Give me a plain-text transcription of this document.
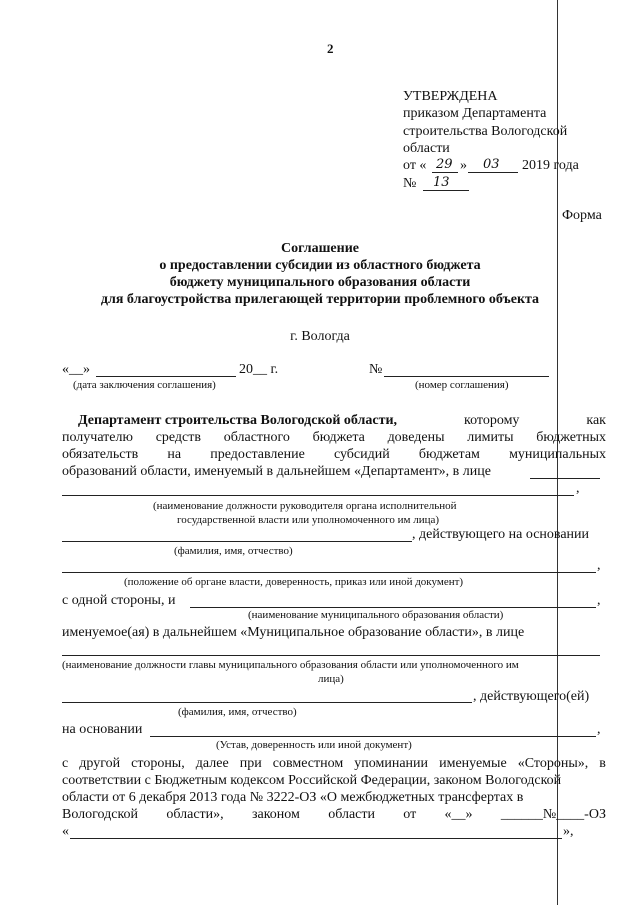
2
УТВЕРЖДЕНА
приказом Департамента
строительства Вологодской
области
от « 29 » 03 2019 года
№ 13
Форма
Соглашение
о предоставлении субсидии из областного бюджета
бюджету муниципального образования области
для благоустройства прилегающей территории проблемного объекта
г. Вологда
«__»	20__ г.	№
(дата заключения соглашения)	(номер соглашения)
Департамент строительства Вологодской области,	которому	как
получателю средств областного бюджета доведены лимиты бюджетных
обязательств на предоставление субсидий бюджетам муниципальных
образований области, именуемый в дальнейшем «Департамент», в лице
,
(наименование должности руководителя органа исполнительной
государственной власти или уполномоченного им лица)
, действующего на основании
(фамилия, имя, отчество)
,
(положение об органе власти, доверенность, приказ или иной документ)
с одной стороны, и	,
(наименование муниципального образования области)
именуемое(ая) в дальнейшем «Муниципальное образование области», в лице
(наименование должности главы муниципального образования области или уполномоченного им
лица)
, действующего(ей)
(фамилия, имя, отчество)
на основании	,
(Устав, доверенность или иной документ)
с другой стороны, далее при совместном упоминании именуемые «Стороны», в
соответствии с Бюджетным кодексом Российской Федерации, законом Вологодской
области от 6 декабря 2013 года № 3222-ОЗ «О межбюджетных трансфертах в
Вологодской области», законом области от «__» ______№____-ОЗ
«	»,
